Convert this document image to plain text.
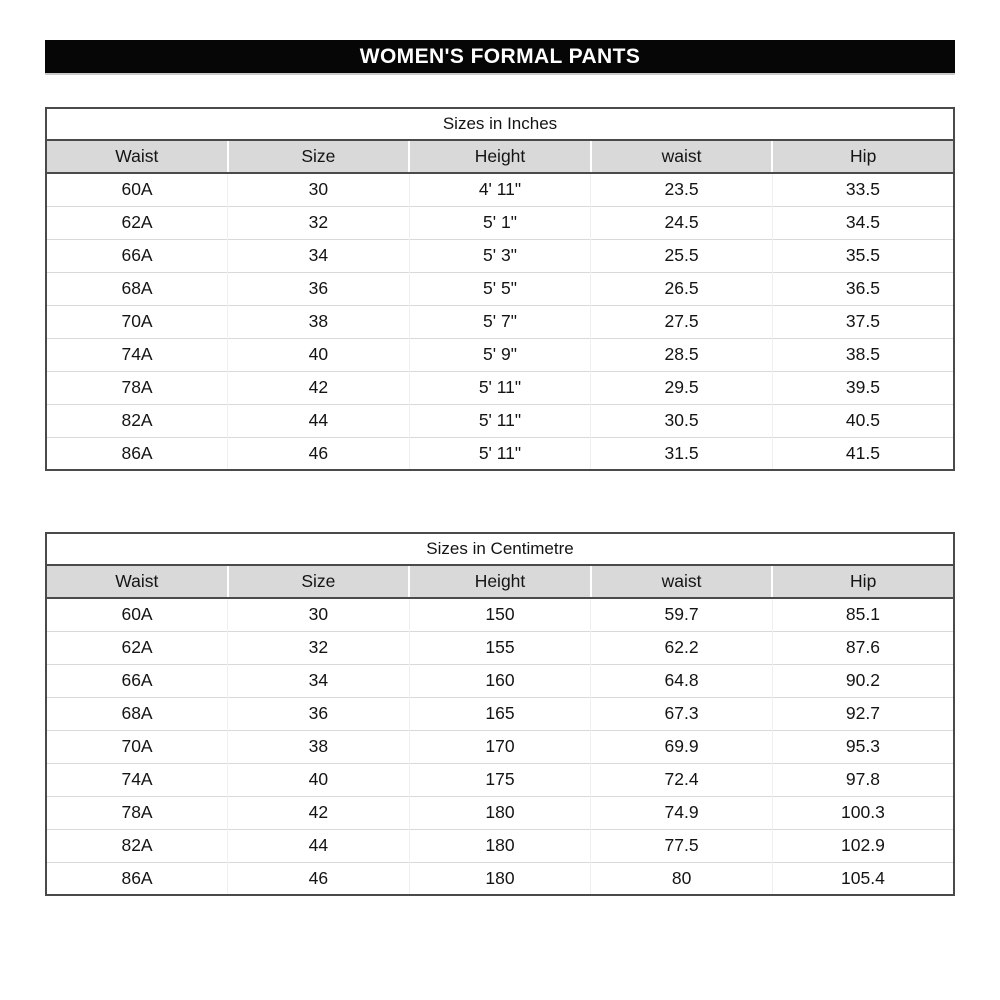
WOMEN'S FORMAL PANTS
Sizes in Inches				
Waist	Size	Height	waist	Hip
60A	30	4' 11"	23.5	33.5
62A	32	5' 1"	24.5	34.5
66A	34	5' 3"	25.5	35.5
68A	36	5' 5"	26.5	36.5
70A	38	5' 7"	27.5	37.5
74A	40	5' 9"	28.5	38.5
78A	42	5' 11"	29.5	39.5
82A	44	5' 11"	30.5	40.5
86A	46	5' 11"	31.5	41.5
Sizes in Centimetre				
Waist	Size	Height	waist	Hip
60A	30	150	59.7	85.1
62A	32	155	62.2	87.6
66A	34	160	64.8	90.2
68A	36	165	67.3	92.7
70A	38	170	69.9	95.3
74A	40	175	72.4	97.8
78A	42	180	74.9	100.3
82A	44	180	77.5	102.9
86A	46	180	80	105.4
